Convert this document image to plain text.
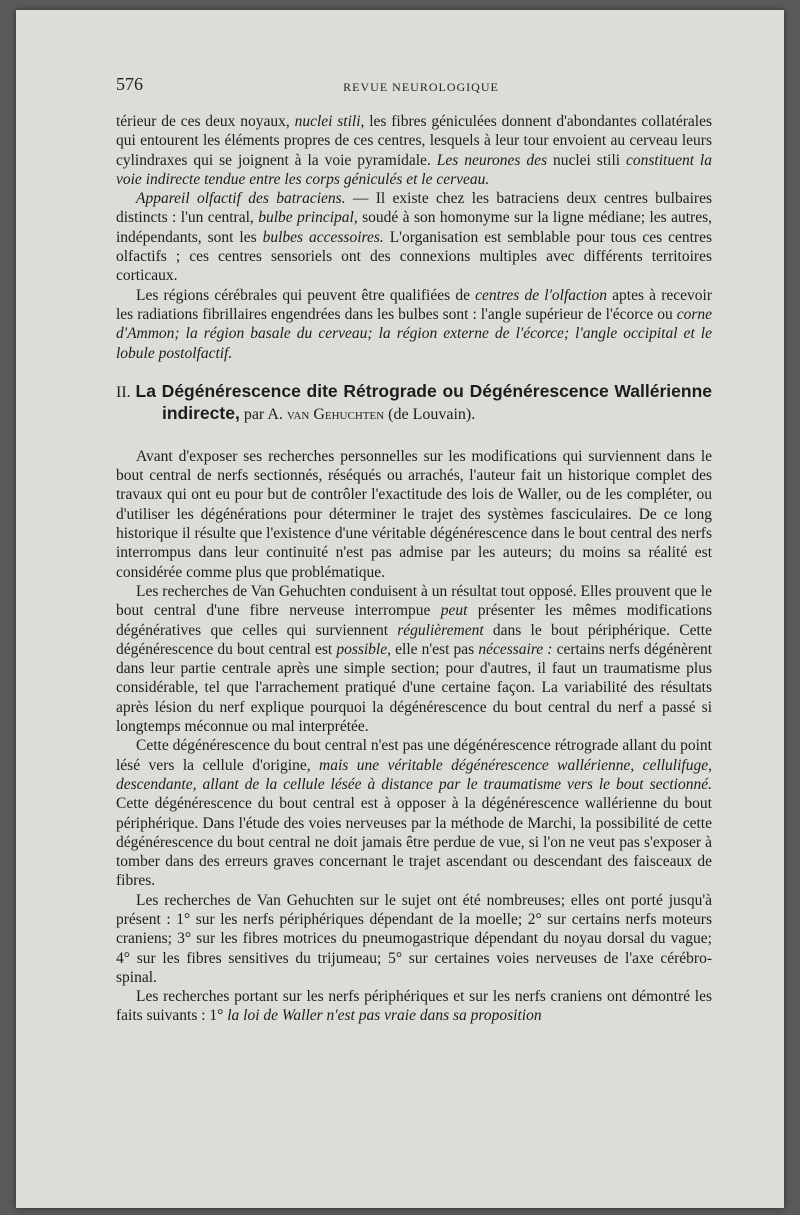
576	REVUE NEUROLOGIQUE

térieur de ces deux noyaux, nuclei stili, les fibres géniculées donnent d'abondantes collatérales qui entourent les éléments propres de ces centres, lesquels à leur tour envoient au cerveau leurs cylindraxes qui se joignent à la voie pyramidale. Les neurones des nuclei stili constituent la voie indirecte tendue entre les corps géniculés et le cerveau.

Appareil olfactif des batraciens. — Il existe chez les batraciens deux centres bulbaires distincts : l'un central, bulbe principal, soudé à son homonyme sur la ligne médiane; les autres, indépendants, sont les bulbes accessoires. L'organisation est semblable pour tous ces centres olfactifs ; ces centres sensoriels ont des connexions multiples avec différents territoires corticaux.

Les régions cérébrales qui peuvent être qualifiées de centres de l'olfaction aptes à recevoir les radiations fibrillaires engendrées dans les bulbes sont : l'angle supérieur de l'écorce ou corne d'Ammon; la région basale du cerveau; la région externe de l'écorce; l'angle occipital et le lobule postolfactif.

II. La Dégénérescence dite Rétrograde ou Dégénérescence Wallérienne indirecte, par A. van Gehuchten (de Louvain).

Avant d'exposer ses recherches personnelles sur les modifications qui surviennent dans le bout central de nerfs sectionnés, réséqués ou arrachés, l'auteur fait un historique complet des travaux qui ont eu pour but de contrôler l'exactitude des lois de Waller, ou de les compléter, ou d'utiliser les dégénérations pour déterminer le trajet des systèmes fasciculaires. De ce long historique il résulte que l'existence d'une véritable dégénérescence dans le bout central des nerfs interrompus dans leur continuité n'est pas admise par les auteurs; du moins sa réalité est considérée comme plus que problématique.

Les recherches de Van Gehuchten conduisent à un résultat tout opposé. Elles prouvent que le bout central d'une fibre nerveuse interrompue peut présenter les mêmes modifications dégénératives que celles qui surviennent régulièrement dans le bout périphérique. Cette dégénérescence du bout central est possible, elle n'est pas nécessaire : certains nerfs dégénèrent dans leur partie centrale après une simple section; pour d'autres, il faut un traumatisme plus considérable, tel que l'arrachement pratiqué d'une certaine façon. La variabilité des résultats après lésion du nerf explique pourquoi la dégénérescence du bout central du nerf a passé si longtemps méconnue ou mal interprétée.

Cette dégénérescence du bout central n'est pas une dégénérescence rétrograde allant du point lésé vers la cellule d'origine, mais une véritable dégénérescence wallérienne, cellulifuge, descendante, allant de la cellule lésée à distance par le traumatisme vers le bout sectionné. Cette dégénérescence du bout central est à opposer à la dégénérescence wallérienne du bout périphérique. Dans l'étude des voies nerveuses par la méthode de Marchi, la possibilité de cette dégénérescence du bout central ne doit jamais être perdue de vue, si l'on ne veut pas s'exposer à tomber dans des erreurs graves concernant le trajet ascendant ou descendant des faisceaux de fibres.

Les recherches de Van Gehuchten sur le sujet ont été nombreuses; elles ont porté jusqu'à présent : 1° sur les nerfs périphériques dépendant de la moelle; 2° sur certains nerfs moteurs craniens; 3° sur les fibres motrices du pneumogastrique dépendant du noyau dorsal du vague; 4° sur les fibres sensitives du trijumeau; 5° sur certaines voies nerveuses de l'axe cérébro-spinal.

Les recherches portant sur les nerfs périphériques et sur les nerfs craniens ont démontré les faits suivants : 1° la loi de Waller n'est pas vraie dans sa proposition
